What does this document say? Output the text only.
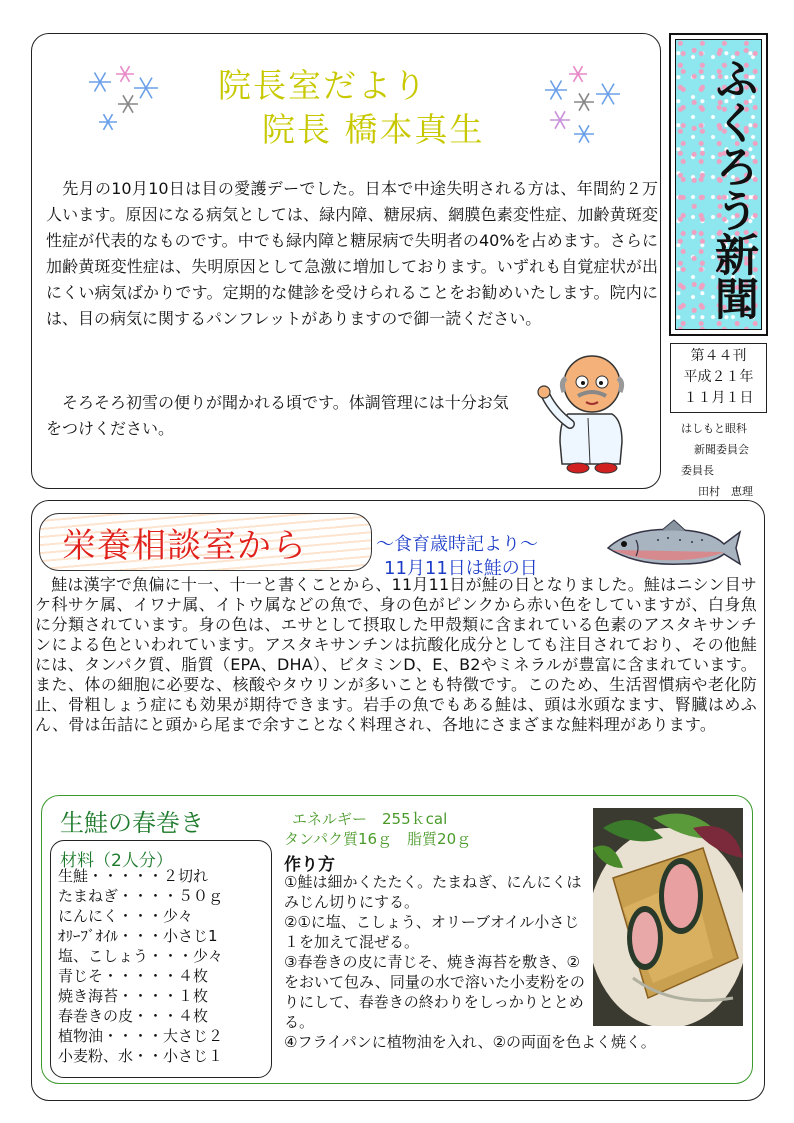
院長室だより
院長 橋本真生
　先月の10月10日は目の愛護デーでした。日本で中途失明される方は、年間約２万人います。原因になる病気としては、緑内障、糖尿病、網膜色素変性症、加齢黄斑変性症が代表的なものです。中でも緑内障と糖尿病で失明者の40%を占めます。さらに加齢黄斑変性症は、失明原因として急激に増加しております。いずれも自覚症状が出にくい病気ばかりです。定期的な健診を受けられることをお勧めいたします。院内には、目の病気に関するパンフレットがありますので御一読ください。
　そろそろ初雪の便りが聞かれる頃です。体調管理には十分お気をつけください。
ふくろう新聞
第４４刊
平成２１年
１１月１日
はしもと眼科
新聞委員会
委員長
田村　恵理
栄養相談室から	～食育歳時記より～
11月11日は鮭の日
　鮭は漢字で魚偏に十一、十一と書くことから、11月11日が鮭の日となりました。鮭はニシン目サケ科サケ属、イワナ属、イトウ属などの魚で、身の色がピンクから赤い色をしていますが、白身魚に分類されています。身の色は、エサとして摂取した甲殻類に含まれている色素のアスタキサンチンによる色といわれています。アスタキサンチンは抗酸化成分としても注目されており、その他鮭には、タンパク質、脂質（EPA、DHA）、ビタミンD、E、B2やミネラルが豊富に含まれています。また、体の細胞に必要な、核酸やタウリンが多いことも特徴です。このため、生活習慣病や老化防止、骨粗しょう症にも効果が期待できます。岩手の魚でもある鮭は、頭は氷頭なます、腎臓はめふん、骨は缶詰にと頭から尾まで余すことなく料理され、各地にさまざまな鮭料理があります。
生鮭の春巻き
材料（2人分）
生鮭・・・・・２切れ
たまねぎ・・・・５０ｇ
にんにく・・・少々
ｵﾘｰﾌﾞｵｲﾙ・・・小さじ1
塩、こしょう・・・少々
青じそ・・・・・４枚
焼き海苔・・・・１枚
春巻きの皮・・・４枚
植物油・・・・大さじ２
小麦粉、水・・小さじ１
エネルギー　255ｋcal
タンパク質16ｇ　脂質20ｇ
作り方
①鮭は細かくたたく。たまねぎ、にんにくはみじん切りにする。
②①に塩、こしょう、オリーブオイル小さじ１を加えて混ぜる。
③春巻きの皮に青じそ、焼き海苔を敷き、②をおいて包み、同量の水で溶いた小麦粉をのりにして、春巻きの終わりをしっかりととめる。
④フライパンに植物油を入れ、②の両面を色よく焼く。
